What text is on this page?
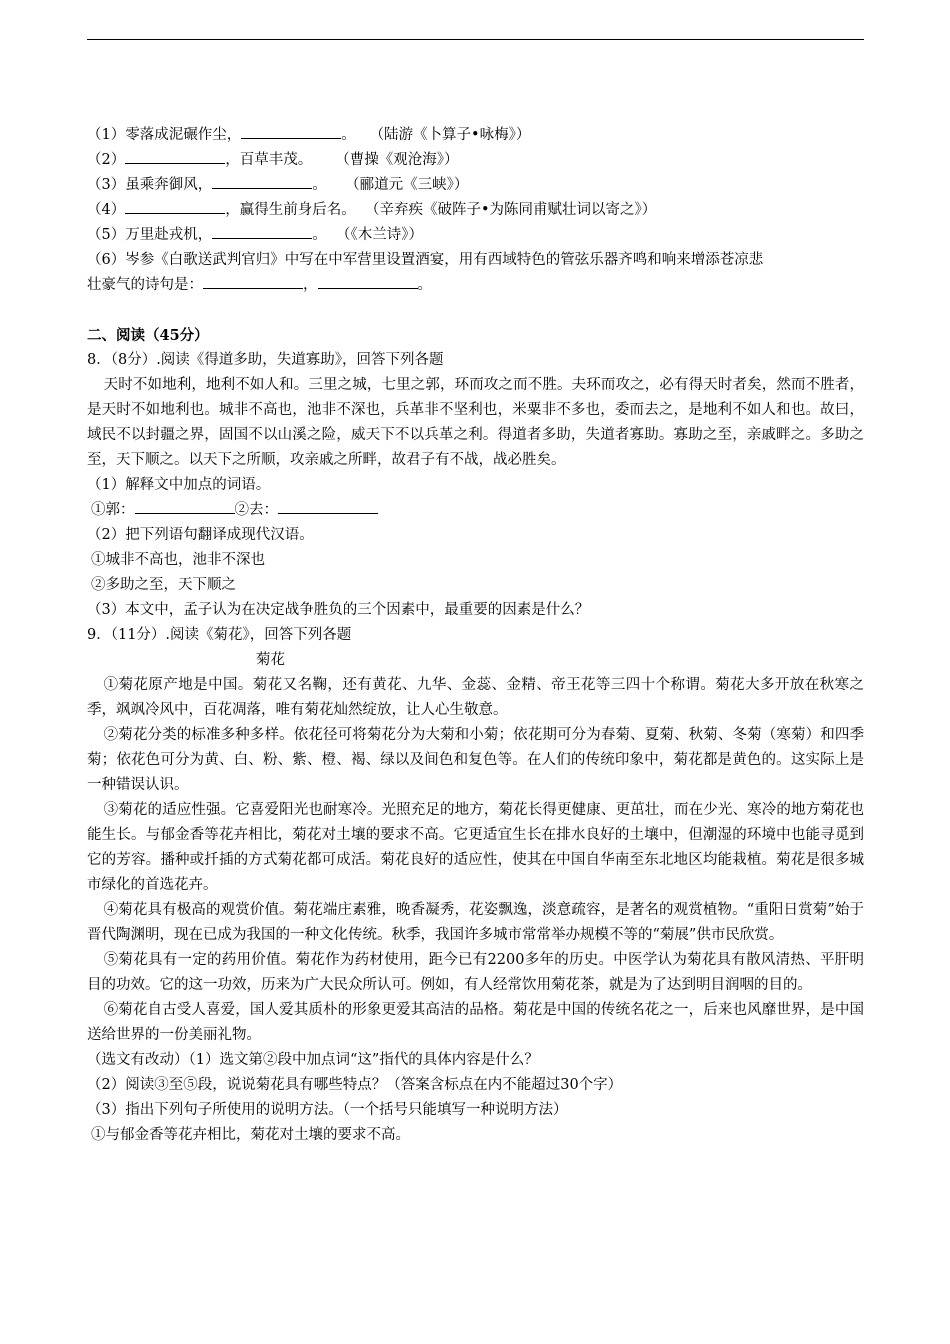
（1）零落成泥碾作尘，	。 （陆游《卜算子•咏梅》）

（2）	，百草丰茂。 （曹操《观沧海》）

（3）虽乘奔御风，	。 （郦道元《三峡》）

（4）	，赢得生前身后名。 （辛弃疾《破阵子•为陈同甫赋壮词以寄之》）

（5）万里赴戎机，	。 （《木兰诗》）

（6）岑参《白歌送武判官归》中写在中军营里设置酒宴，用有西域特色的管弦乐器齐鸣和响来增添苍凉悲

壮豪气的诗句是：	，	。

二、阅读（45分）

8．（8分）.阅读《得道多助，失道寡助》，回答下列各题

天时不如地利，地利不如人和。三里之城，七里之郭，环而攻之而不胜。夫环而攻之，必有得天时者矣，然而不胜者，是天时不如地利也。城非不高也，池非不深也，兵革非不坚利也，米粟非不多也，委而去之，是地利不如人和也。故曰，域民不以封疆之界，固国不以山溪之险，威天下不以兵革之利。得道者多助，失道者寡助。寡助之至，亲戚畔之。多助之至，天下顺之。以天下之所顺，攻亲戚之所畔，故君子有不战，战必胜矣。

（1）解释文中加点的词语。

①郭：	②去：

（2）把下列语句翻译成现代汉语。

①城非不高也，池非不深也

②多助之至，天下顺之

（3）本文中，孟子认为在决定战争胜负的三个因素中，最重要的因素是什么？

9．（11分）.阅读《菊花》，回答下列各题

菊花

①菊花原产地是中国。菊花又名鞠，还有黄花、九华、金蕊、金精、帝王花等三四十个称谓。菊花大多开放在秋寒之季，飒飒冷风中，百花凋落，唯有菊花灿然绽放，让人心生敬意。

②菊花分类的标准多种多样。依花径可将菊花分为大菊和小菊；依花期可分为春菊、夏菊、秋菊、冬菊（寒菊）和四季菊；依花色可分为黄、白、粉、紫、橙、褐、绿以及间色和复色等。在人们的传统印象中，菊花都是黄色的。这实际上是一种错误认识。

③菊花的适应性强。它喜爱阳光也耐寒冷。光照充足的地方，菊花长得更健康、更茁壮，而在少光、寒冷的地方菊花也能生长。与郁金香等花卉相比，菊花对土壤的要求不高。它更适宜生长在排水良好的土壤中，但潮湿的环境中也能寻觅到它的芳容。播种或扦插的方式菊花都可成活。菊花良好的适应性，使其在中国自华南至东北地区均能栽植。菊花是很多城市绿化的首选花卉。

④菊花具有极高的观赏价值。菊花端庄素雅，晚香凝秀，花姿飘逸，淡意疏容，是著名的观赏植物。“重阳日赏菊”始于晋代陶渊明，现在已成为我国的一种文化传统。秋季，我国许多城市常常举办规模不等的“菊展”供市民欣赏。

⑤菊花具有一定的药用价值。菊花作为药材使用，距今已有2200多年的历史。中医学认为菊花具有散风清热、平肝明目的功效。它的这一功效，历来为广大民众所认可。例如，有人经常饮用菊花茶，就是为了达到明目润咽的目的。

⑥菊花自古受人喜爱，国人爱其质朴的形象更爱其高洁的品格。菊花是中国的传统名花之一，后来也风靡世界，是中国送给世界的一份美丽礼物。

（选文有改动）（1）选文第②段中加点词“这”指代的具体内容是什么？

（2）阅读③至⑤段，说说菊花具有哪些特点？（答案含标点在内不能超过30个字）

（3）指出下列句子所使用的说明方法。（一个括号只能填写一种说明方法）

①与郁金香等花卉相比，菊花对土壤的要求不高。
